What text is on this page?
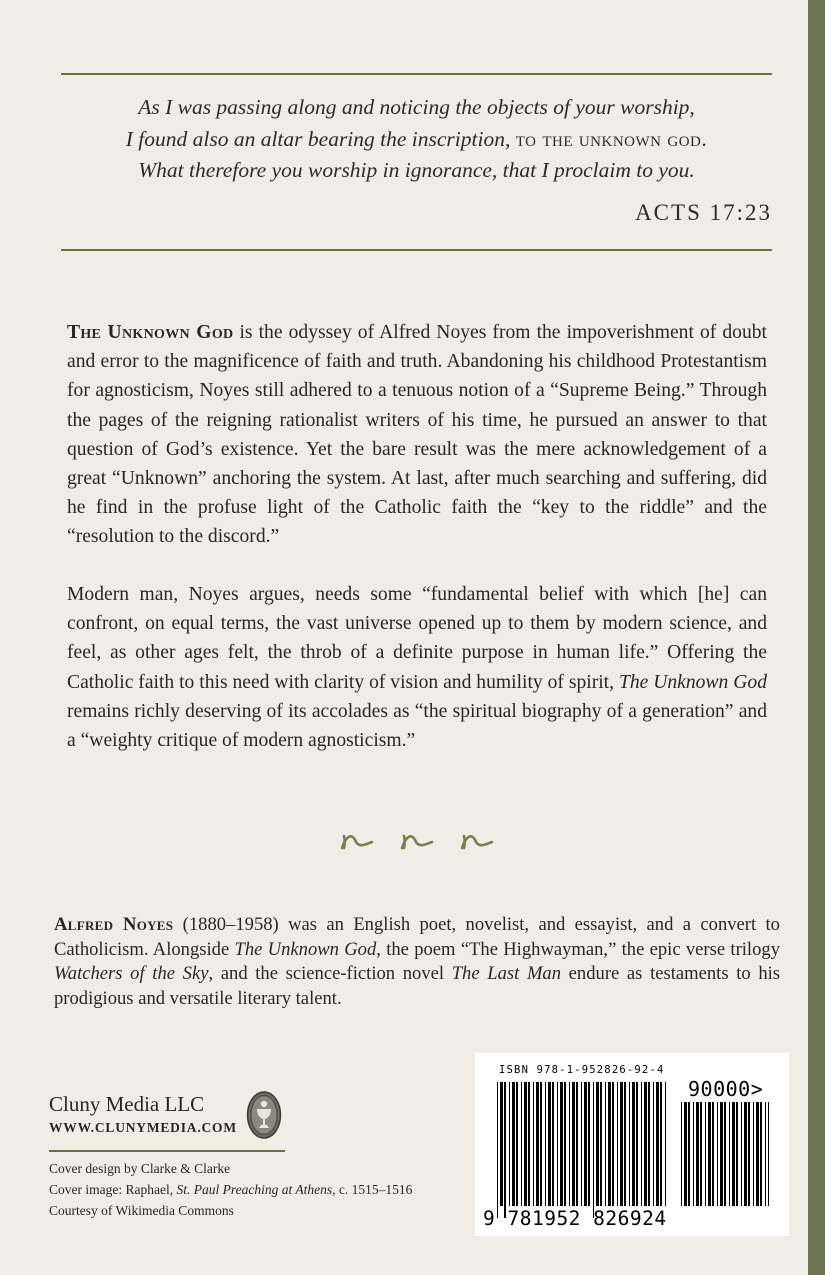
As I was passing along and noticing the objects of your worship,
I found also an altar bearing the inscription, to the unknown god.
What therefore you worship in ignorance, that I proclaim to you.
ACTS 17:23
The Unknown God is the odyssey of Alfred Noyes from the impoverishment of doubt and error to the magnificence of faith and truth. Abandoning his childhood Protestantism for agnosticism, Noyes still adhered to a tenuous notion of a “Supreme Being.” Through the pages of the reigning rationalist writers of his time, he pursued an answer to that question of God’s existence. Yet the bare result was the mere acknowledgement of a great “Unknown” anchoring the system. At last, after much searching and suffering, did he find in the profuse light of the Catholic faith the “key to the riddle” and the “resolution to the discord.”
Modern man, Noyes argues, needs some “fundamental belief with which [he] can confront, on equal terms, the vast universe opened up to them by modern science, and feel, as other ages felt, the throb of a definite purpose in human life.” Offering the Catholic faith to this need with clarity of vision and humility of spirit, The Unknown God remains richly deserving of its accolades as “the spiritual biography of a generation” and a “weighty critique of modern agnosticism.”
Alfred Noyes (1880–1958) was an English poet, novelist, and essayist, and a convert to Catholicism. Alongside The Unknown God, the poem “The Highwayman,” the epic verse trilogy Watchers of the Sky, and the science-fiction novel The Last Man endure as testaments to his prodigious and versatile literary talent.
Cluny Media LLC
WWW.CLUNYMEDIA.COM
Cover design by Clarke & Clarke
Cover image: Raphael, St. Paul Preaching at Athens, c. 1515–1516
Courtesy of Wikimedia Commons
ISBN 978-1-952826-92-4
90000>
9 781952 826924
